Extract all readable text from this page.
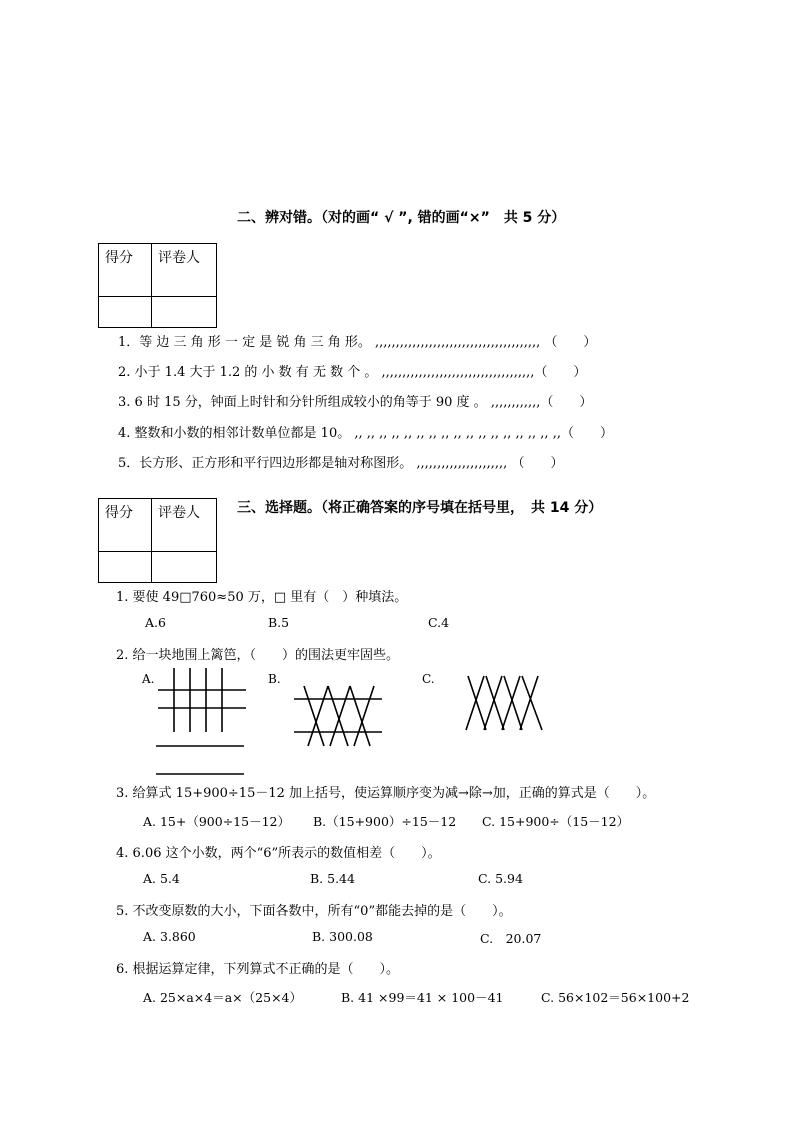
二、辨对错。（对的画“ √ ”, 错的画“×”　共 5 分）
得分	评卷人

1．等 边 三 角 形 一 定 是 锐 角 三 角 形。 ,,,,,,,,,,,,,,,,,,,,,,,,,,,,,,,,,,,,,,,, （　　）
2. 小于 1.4 大于 1.2 的 小 数 有 无 数 个 。 ,,,,,,,,,,,,,,,,,,,,,,,,,,,,,,,,,,,,,（　　）
3. 6 时 15 分，钟面上时针和分针所组成较小的角等于 90 度 。 ,,,,,,,,,,,,（　　）
4. 整数和小数的相邻计数单位都是 10。 ,, ,, ,, ,, ,, ,, ,, ,, ,, ,, ,, ,, ,, ,, ,, ,, ,,（　　）
5．长方形、正方形和平行四边形都是轴对称图形。 ,,,,,,,,,,,,,,,,,,,,,, （　　）
得分	评卷人
		三、选择题。（将正确答案的序号填在括号里，　共 14 分）
1. 要使 49□760≈50 万，□ 里有（　）种填法。
A.6	B.5	C.4
2. 给一块地围上篱笆，（　　）的围法更牢固些。
A.	B.	C.
3. 给算式 15+900÷15－12 加上括号，使运算顺序变为减→除→加，正确的算式是（　　）。
A. 15+（900÷15－12） B.（15+900）÷15－12 C. 15+900÷（15－12）
4. 6.06 这个小数，两个“6”所表示的数值相差（　　）。
A. 5.4	B. 5.44	C. 5.94
5. 不改变原数的大小，下面各数中，所有“0”都能去掉的是（　　）。
A. 3.860	B. 300.08	C.　20.07
6. 根据运算定律，下列算式不正确的是（　　）。
A. 25×a×4＝a×（25×4）	B. 41 ×99＝41 × 100－41	C. 56×102＝56×100+2
